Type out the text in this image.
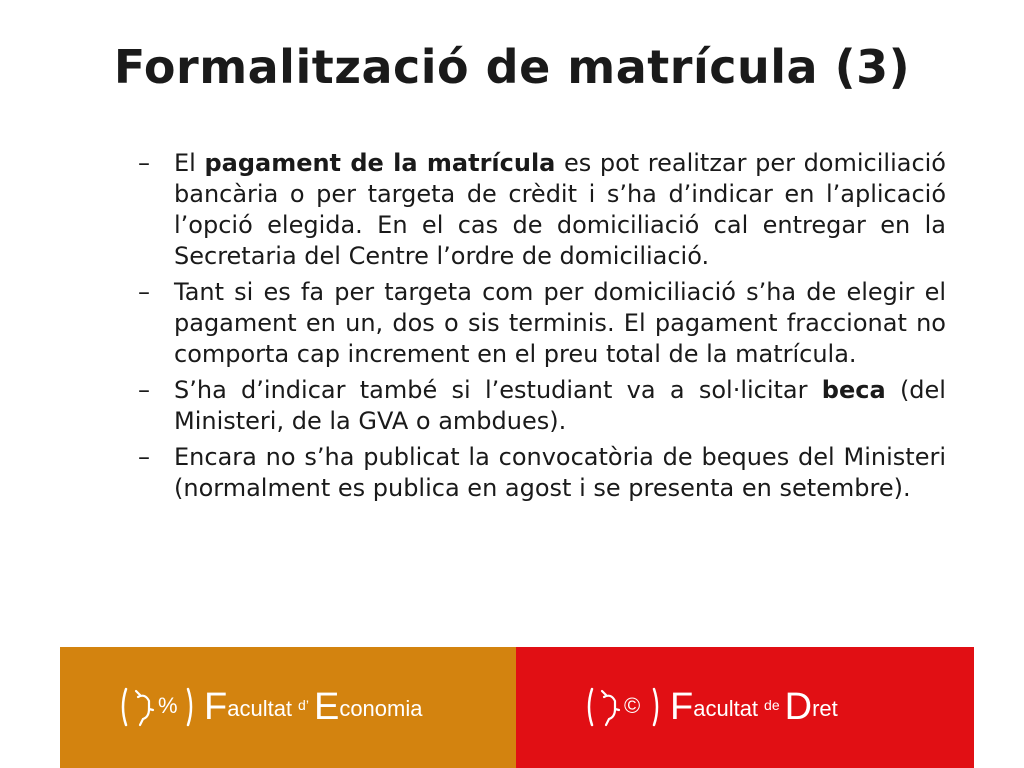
Formalització de matrícula (3)
– El pagament de la matrícula es pot realitzar per domiciliació bancària o per targeta de crèdit i s’ha d’indicar en l’aplicació l’opció elegida. En el cas de domiciliació cal entregar en la Secretaria del Centre l’ordre de domiciliació.
– Tant si es fa per targeta com per domiciliació s’ha de elegir el pagament en un, dos o sis terminis. El pagament fraccionat no comporta cap increment en el preu total de la matrícula.
– S’ha d’indicar també si l’estudiant va a sol·licitar beca (del Ministeri, de la GVA o ambdues).
– Encara no s’ha publicat la convocatòria de beques del Ministeri (normalment es publica en agost i se presenta en setembre).
% F acultat d’ E conomia	© F acultat de D ret
